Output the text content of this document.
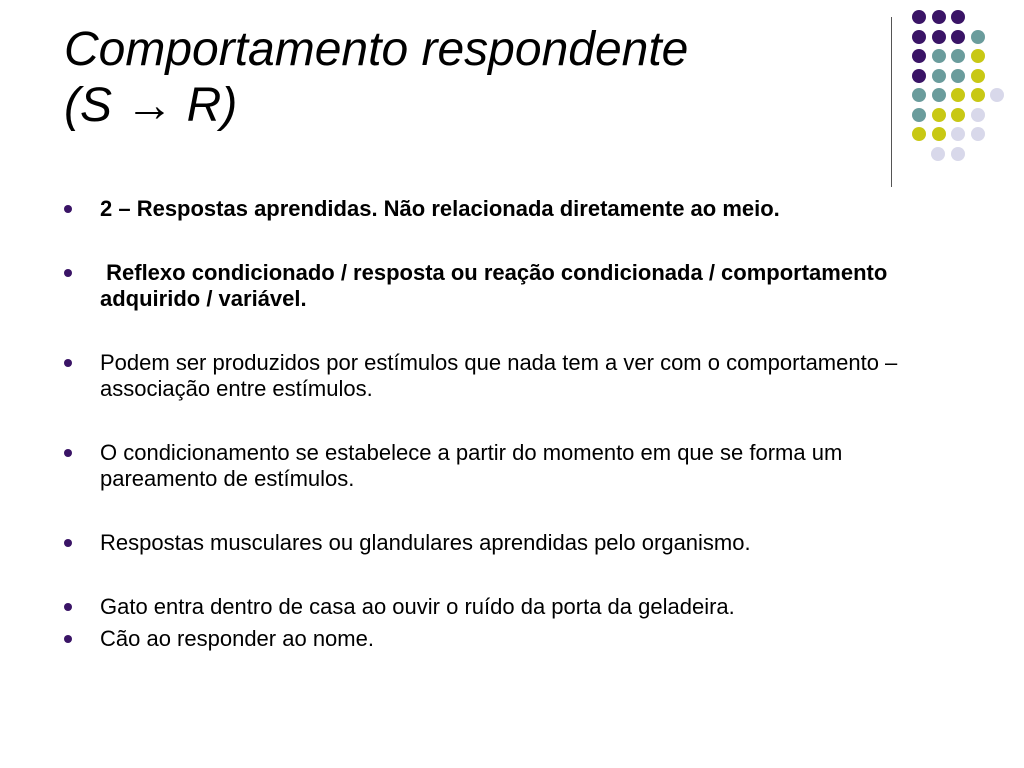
Comportamento respondente
(S → R)
2 – Respostas aprendidas. Não relacionada diretamente ao meio.
Reflexo condicionado / resposta ou reação condicionada / comportamento adquirido / variável.
Podem ser produzidos por estímulos que nada tem a ver com o comportamento – associação entre estímulos.
O condicionamento se estabelece a partir do momento em que se forma um pareamento de estímulos.
Respostas musculares ou glandulares aprendidas pelo organismo.
Gato entra dentro de casa ao ouvir o ruído da porta da geladeira.
Cão ao responder ao nome.
